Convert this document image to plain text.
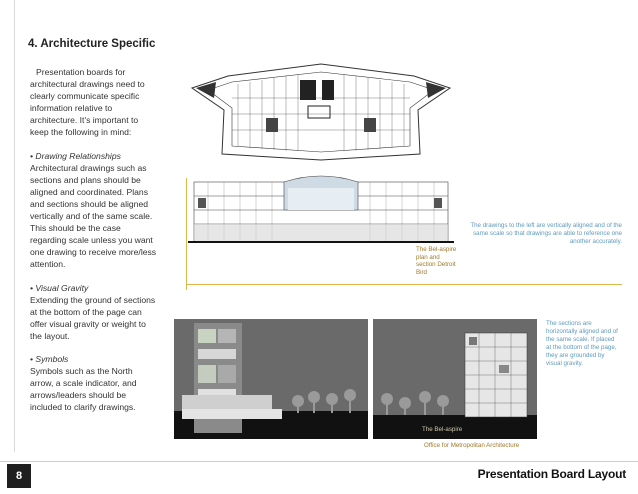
4. Architecture Specific

Presentation boards for architectural drawings need to clearly communicate specific information relative to architecture. It's important to keep the following in mind:

• Drawing Relationships
Architectural drawings such as sections and plans should be aligned and coordinated. Plans and sections should be aligned vertically and of the same scale. This should be the case regarding scale unless you want one drawing to receive more/less attention.

• Visual Gravity
Extending the ground of sections at the bottom of the page can offer visual gravity or weight to the layout.

• Symbols
Symbols such as the North arrow, a scale indicator, and arrows/leaders should be included to clarify drawings.

The Bel-aspire plan and section Detroit Bird
The drawings to the left are vertically aligned and of the same scale so that drawings are able to reference one another accurately.
The sections are horizontally aligned and of the same scale. If placed at the bottom of the page, they are grounded by visual gravity.
The Bel-aspire
Office for Metropolitan Architecture
8	Presentation Board Layout
